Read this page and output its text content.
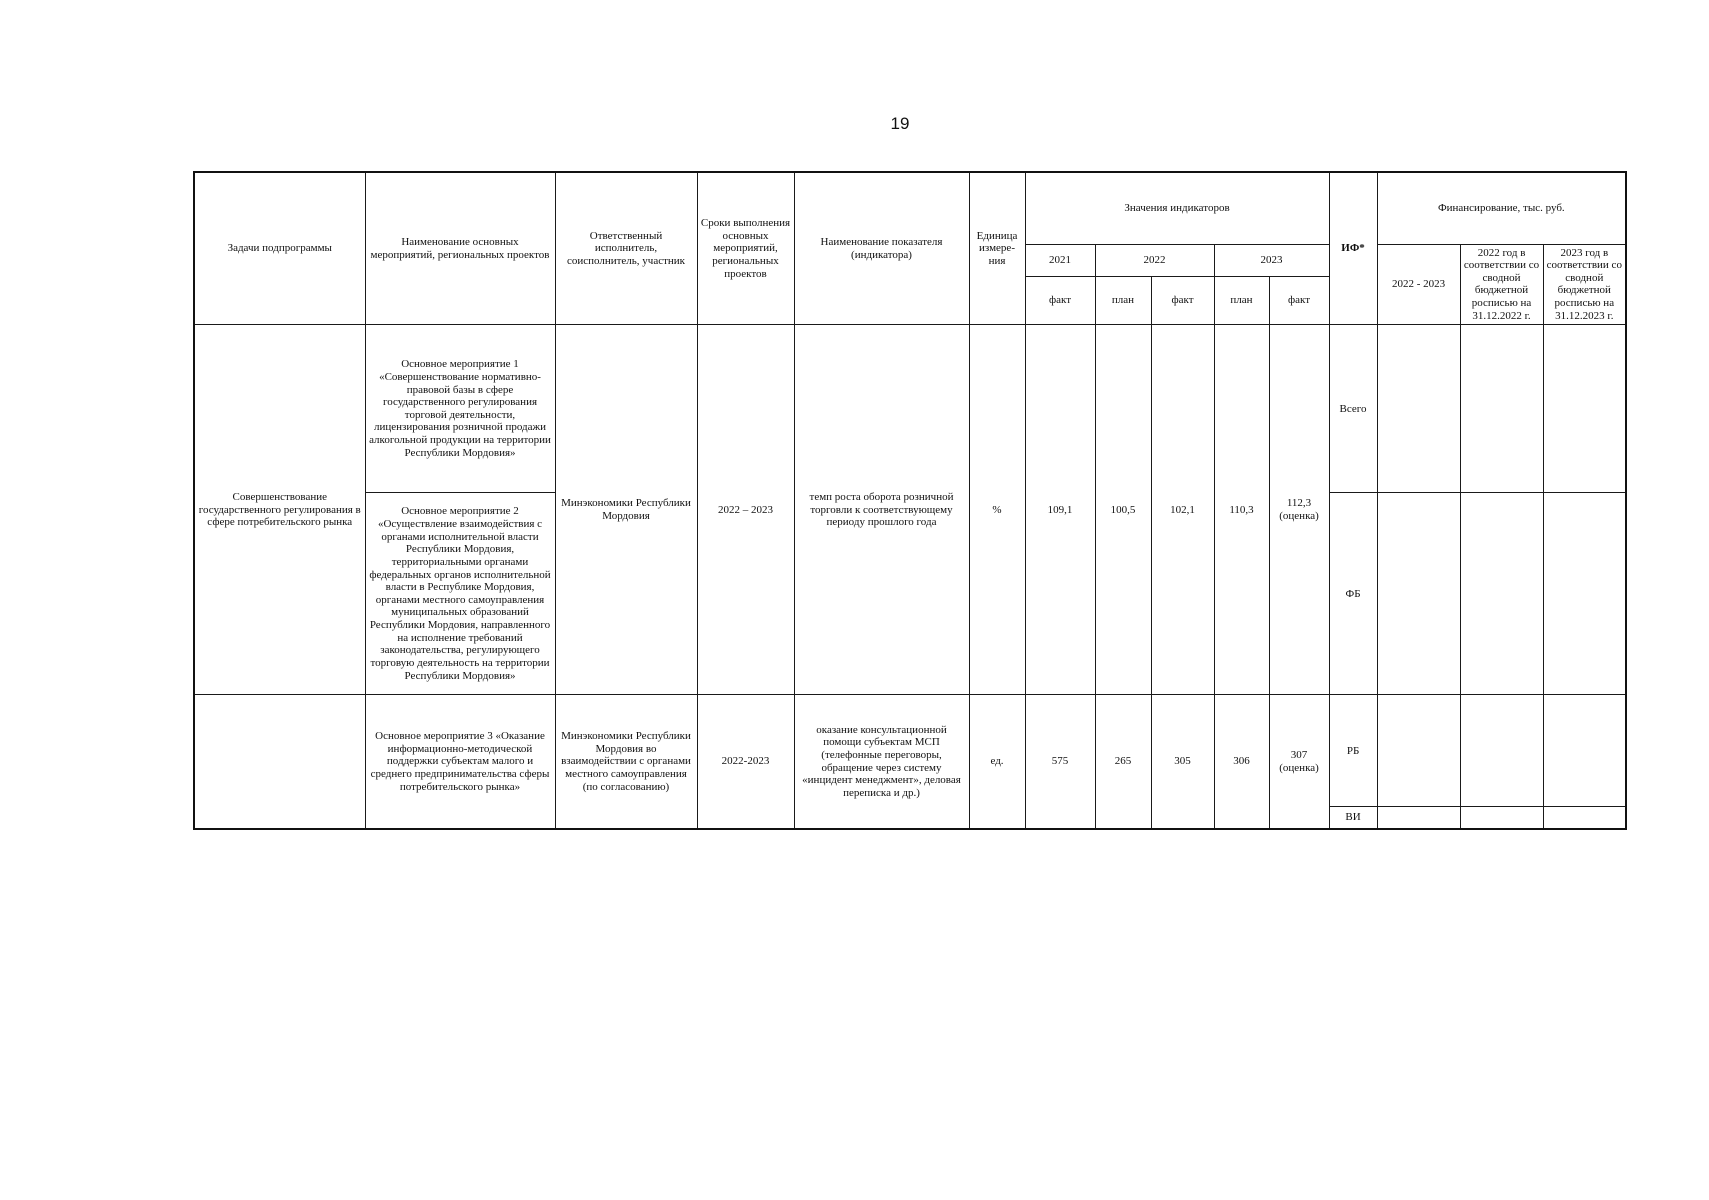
19
Задачи подпрограммы	Наименование основных мероприятий, региональных проектов	Ответственный исполнитель, соисполнитель, участник	Сроки выполнения основных мероприятий, региональных проектов	Наименование показателя (индикатора)	Единица измере-ния	Значения индикаторов					ИФ*	Финансирование, тыс. руб.		
						2021	2022		2023			2022 - 2023	2022 год в соответствии со сводной бюджетной росписью на 31.12.2022 г.	2023 год в соответствии со сводной бюджетной росписью на 31.12.2023 г.
						факт	план	факт	план	факт				
Совершенствование государственного регулирования в сфере потребительского рынка	Основное мероприятие 1 «Совершенствование нормативно-правовой базы в сфере государственного регулирования торговой деятельности, лицензирования розничной продажи алкогольной продукции на территории Республики Мордовия»	Минэкономики Республики Мордовия	2022 – 2023	темп роста оборота розничной торговли к соответствующему периоду прошлого года	%	109,1	100,5	102,1	110,3	112,3 (оценка)	Всего			
	Основное мероприятие 2 «Осуществление взаимодействия с органами исполнительной власти Республики Мордовия, территориальными органами федеральных органов исполнительной власти в Республике Мордовия, органами местного самоуправления муниципальных образований Республики Мордовия, направленного на исполнение требований законодательства, регулирующего торговую деятельность на территории Республики Мордовия»										ФБ			
	Основное мероприятие 3 «Оказание информационно-методической поддержки субъектам малого и среднего предпринимательства сферы потребительского рынка»	Минэкономики Республики Мордовия во взаимодействии с органами местного самоуправления (по согласованию)	2022-2023	оказание консультационной помощи субъектам МСП (телефонные переговоры, обращение через систему «инцидент менеджмент», деловая переписка и др.)	ед.	575	265	305	306	307 (оценка)	РБ			
											ВИ			
